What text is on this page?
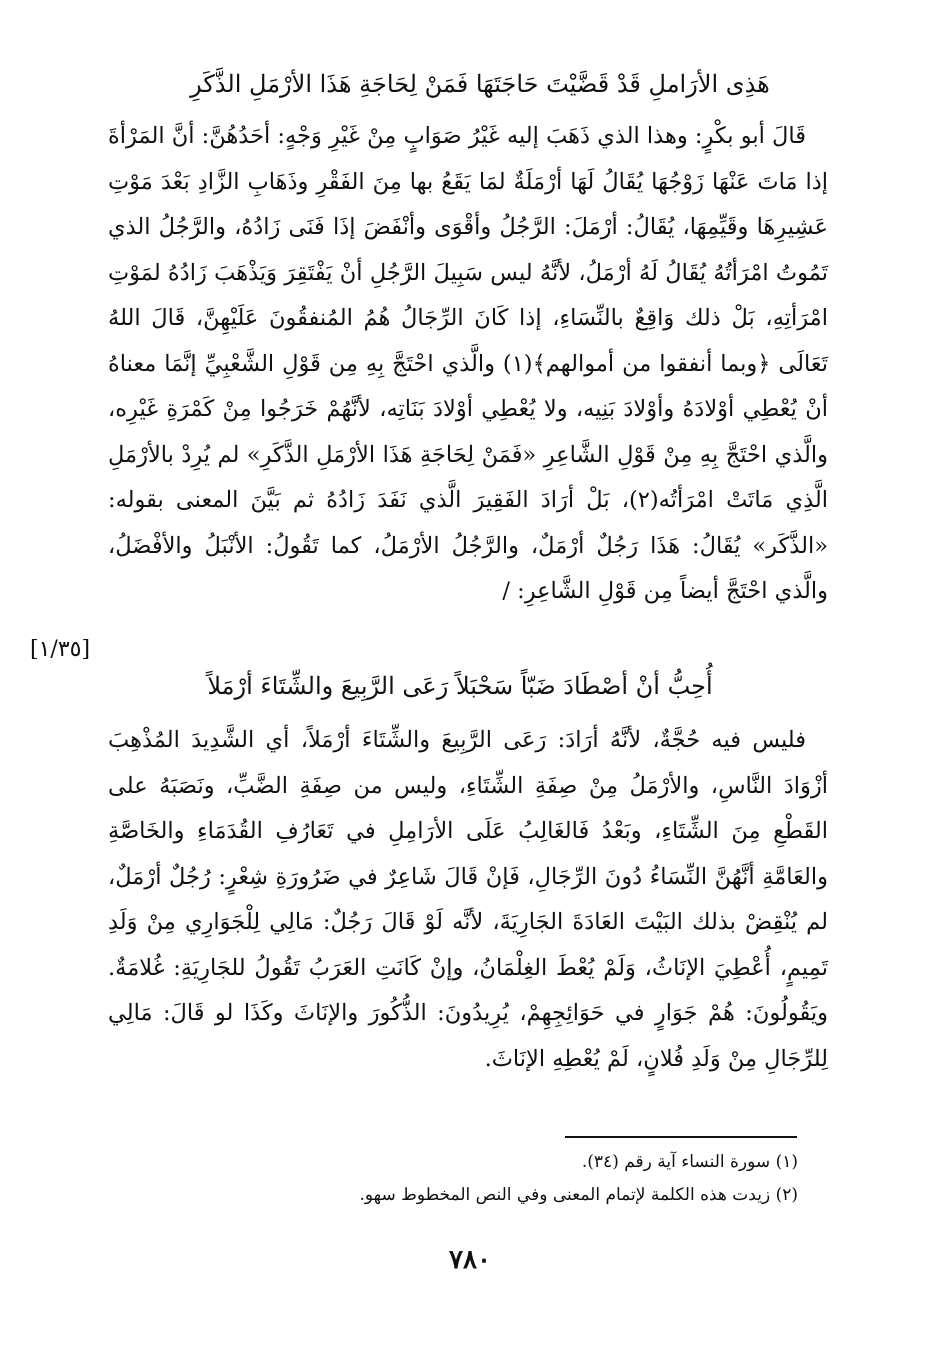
هَذِى الأرَاملِ قَدْ قَضَّيْتَ حَاجَتَهَا فَمَنْ لِحَاجَةِ هَذَا الأرْمَلِ الذَّكَرِ
قَالَ أبو بكْرٍ: وهذا الذي ذَهَبَ إليه غَيْرُ صَوَابٍ مِنْ غَيْرِ وَجْهٍ: أحَدُهُنَّ: أنَّ المَرْأةَ إذا مَاتَ عَنْهَا زَوْجُهَا يُقَالُ لَهَا أرْمَلَةٌ لمَا يَقَعُ بها مِنَ الفَقْرِ وذَهَابِ الزَّادِ بَعْدَ مَوْتِ عَشِيرِهَا وقَيِّمِهَا، يُقَالُ: أرْمَلَ: الرَّجُلُ وأقْوَى وأنْفَضَ إذَا فَنَى زَادُهُ، والرَّجُلُ الذي تَمُوتُ امْرَأتُهُ يُقَالُ لَهُ أرْمَلُ، لأنَّهُ ليس سَبِيلَ الرَّجُلِ أنْ يَفْتَقِرَ وَيَذْهَبَ زَادُهُ لمَوْتِ امْرَأتِهِ، بَلْ ذلك وَاقِعٌ بالنِّسَاءِ، إذا كَانَ الرِّجَالُ هُمُ المُنفقُونَ عَلَيْهِنَّ، قَالَ اللهُ تَعَالَى ﴿وبما أنفقوا من أموالهم﴾(١) والَّذي احْتَجَّ بِهِ مِن قَوْلِ الشَّعْبِيِّ إنَّمَا معناهُ أنْ يُعْطِي أوْلادَهُ وأوْلادَ بَنِيه، ولا يُعْطِي أوْلادَ بَنَاتِه، لأنَّهُمْ خَرَجُوا مِنْ كَمْرَةِ غَيْرِه، والَّذي احْتَجَّ بِهِ مِنْ قَوْلِ الشَّاعِرِ «فَمَنْ لِحَاجَةِ هَذَا الأرْمَلِ الذَّكَرِ» لم يُرِدْ بالأرْمَلِ الَّذِي مَاتَتْ امْرَأتُه(٢)، بَلْ أرَادَ الفَقِيرَ الَّذي نَفَدَ زَادُهُ ثم بَيَّنَ المعنى بقوله: «الذَّكَر» يُقَالُ: هَذَا رَجُلٌ أرْمَلٌ، والرَّجُلُ الأرْمَلُ، كما تَقُولُ: الأنْبَلُ والأفْضَلُ، والَّذي احْتَجَّ أيضاً مِن قَوْلِ الشَّاعِرِ: /
[١/٣٥]
أُحِبُّ أنْ أصْطَادَ ضَبّاً سَحْبَلاً رَعَى الرَّبِيعَ والشِّتَاءَ أرْمَلاً
فليس فيه حُجَّةٌ، لأنَّهُ أرَادَ: رَعَى الرَّبِيعَ والشِّتَاءَ أرْمَلاً، أي الشَّدِيدَ المُذْهِبَ أزْوَادَ النَّاسِ، والأرْمَلُ مِنْ صِفَةِ الشِّتَاءِ، وليس من صِفَةِ الضَّبِّ، ونَصَبَهُ على القَطْعِ مِنَ الشِّتَاءِ، وبَعْدُ فَالغَالِبُ عَلَى الأرَامِلِ في تَعَارُفِ القُدَمَاءِ والخَاصَّةِ والعَامَّةِ أنَّهُنَّ النِّسَاءُ دُونَ الرِّجَالِ، فَإنْ قَالَ شَاعِرٌ في ضَرُورَةِ شِعْرٍ: رُجُلٌ أرْمَلٌ، لم يُنْقِضْ بذلك البَيْتَ العَادَةَ الجَارِيَةَ، لأنَّه لَوْ قَالَ رَجُلٌ: مَالِي لِلْجَوَارِي مِنْ وَلَدِ تَمِيمٍ، أُعْطِيَ الإنَاثُ، وَلَمْ يُعْطَ الغِلْمَانُ، وإنْ كَانَتِ العَرَبُ تَقُولُ للجَارِيَةِ: غُلامَةٌ. ويَقُولُونَ: هُمْ جَوَارٍ في حَوَائِجِهِمْ، يُرِيدُونَ: الذُّكُورَ والإنَاثَ وكَذَا لو قَالَ: مَالِي لِلرِّجَالِ مِنْ وَلَدِ فُلانٍ، لَمْ يُعْطِهِ الإنَاثَ.
(١) سورة النساء آية رقم (٣٤).
(٢) زيدت هذه الكلمة لإتمام المعنى وفي النص المخطوط سهو.
٧٨٠
